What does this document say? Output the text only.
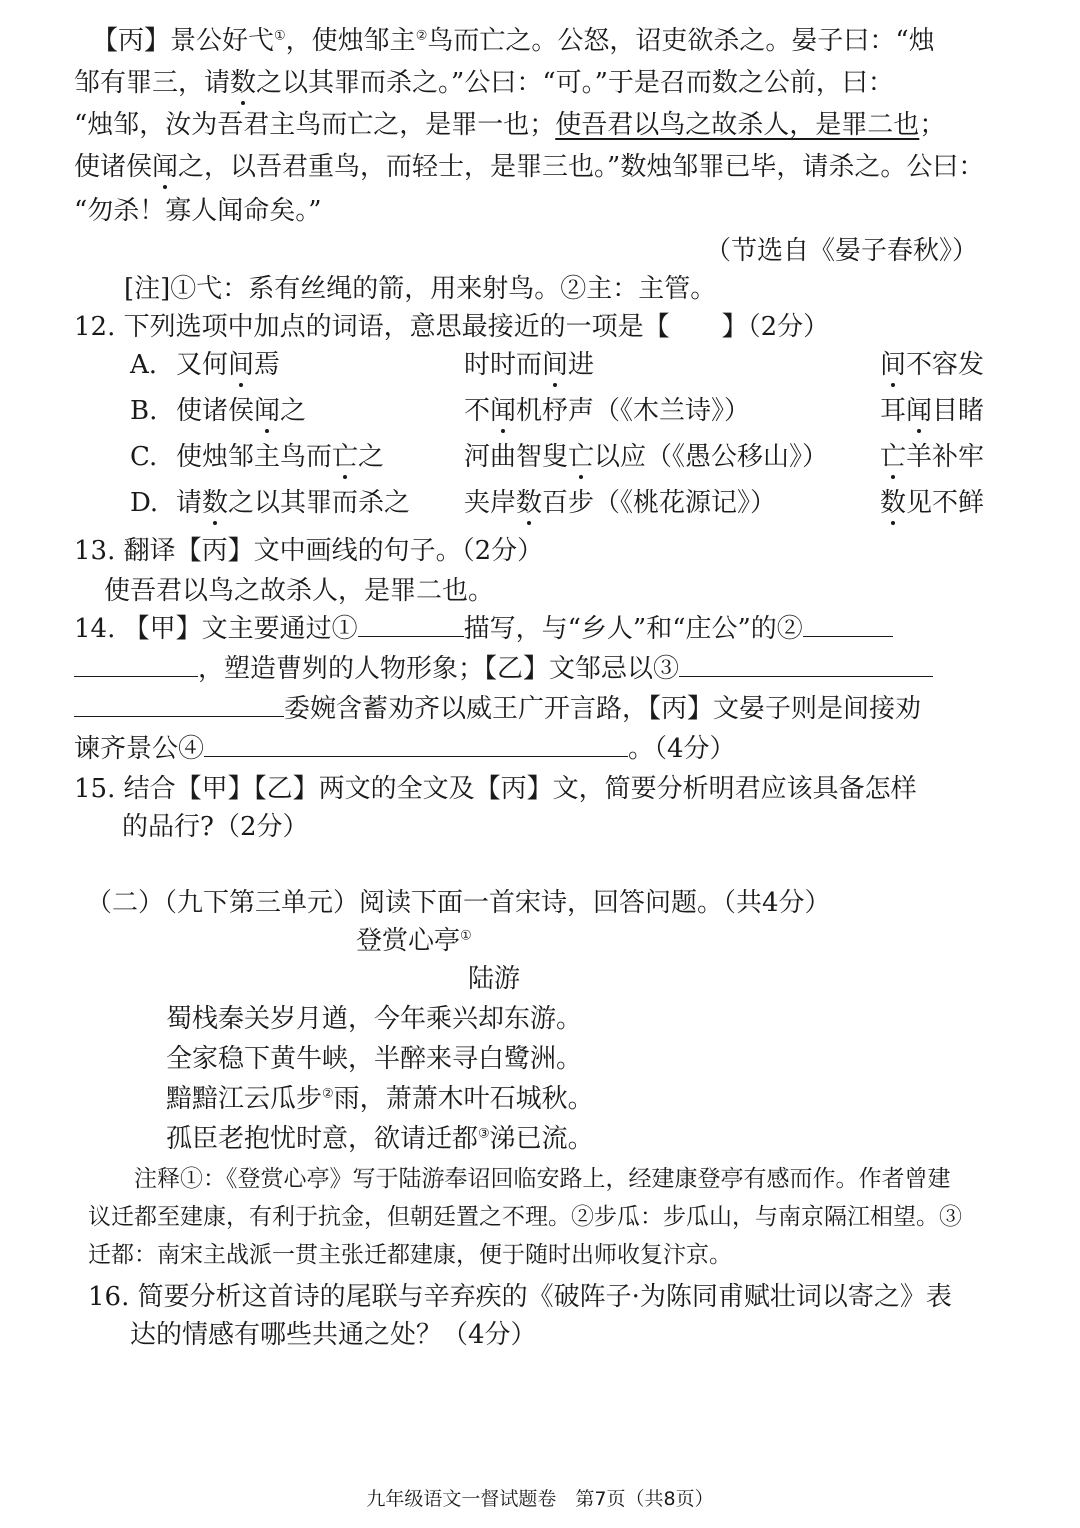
【丙】景公好弋①，使烛邹主②鸟而亡之。公怒，诏吏欲杀之。晏子曰：“烛
邹有罪三，请数之以其罪而杀之。”公曰：“可。”于是召而数之公前，曰：
“烛邹，汝为吾君主鸟而亡之，是罪一也；使吾君以鸟之故杀人，是罪二也；
使诸侯闻之，以吾君重鸟，而轻士，是罪三也。”数烛邹罪已毕，请杀之。公曰：
“勿杀！寡人闻命矣。”
（节选自《晏子春秋》）
[注]①弋：系有丝绳的箭，用来射鸟。②主：主管。
12. 下列选项中加点的词语，意思最接近的一项是【　　】（2分）
A. 又何间焉	时时而间进	间不容发
B. 使诸侯闻之	不闻机杼声（《木兰诗》）	耳闻目睹
C. 使烛邹主鸟而亡之	河曲智叟亡以应（《愚公移山》） 亡羊补牢
D. 请数之以其罪而杀之 夹岸数百步（《桃花源记》）	数见不鲜
13. 翻译【丙】文中画线的句子。（2分）
使吾君以鸟之故杀人，是罪二也。
14. 【甲】文主要通过①	描写，与“乡人”和“庄公”的②
，塑造曹刿的人物形象；【乙】文邹忌以③
委婉含蓄劝齐以威王广开言路，【丙】文晏子则是间接劝
谏齐景公④	。（4分）
15. 结合【甲】【乙】两文的全文及【丙】文，简要分析明君应该具备怎样
的品行?（2分）
（二）（九下第三单元）阅读下面一首宋诗，回答问题。（共4分）
登赏心亭①
陆游
蜀栈秦关岁月遒，今年乘兴却东游。
全家稳下黄牛峡，半醉来寻白鹭洲。
黯黯江云瓜步②雨，萧萧木叶石城秋。
孤臣老抱忧时意，欲请迁都③涕已流。
注释①：《登赏心亭》写于陆游奉诏回临安路上，经建康登亭有感而作。作者曾建
议迁都至建康，有利于抗金，但朝廷置之不理。②步瓜：步瓜山，与南京隔江相望。③
迁都：南宋主战派一贯主张迁都建康，便于随时出师收复汴京。
16. 简要分析这首诗的尾联与辛弃疾的《破阵子·为陈同甫赋壮词以寄之》表
达的情感有哪些共通之处？（4分）
九年级语文一督试题卷　第7页（共8页）
